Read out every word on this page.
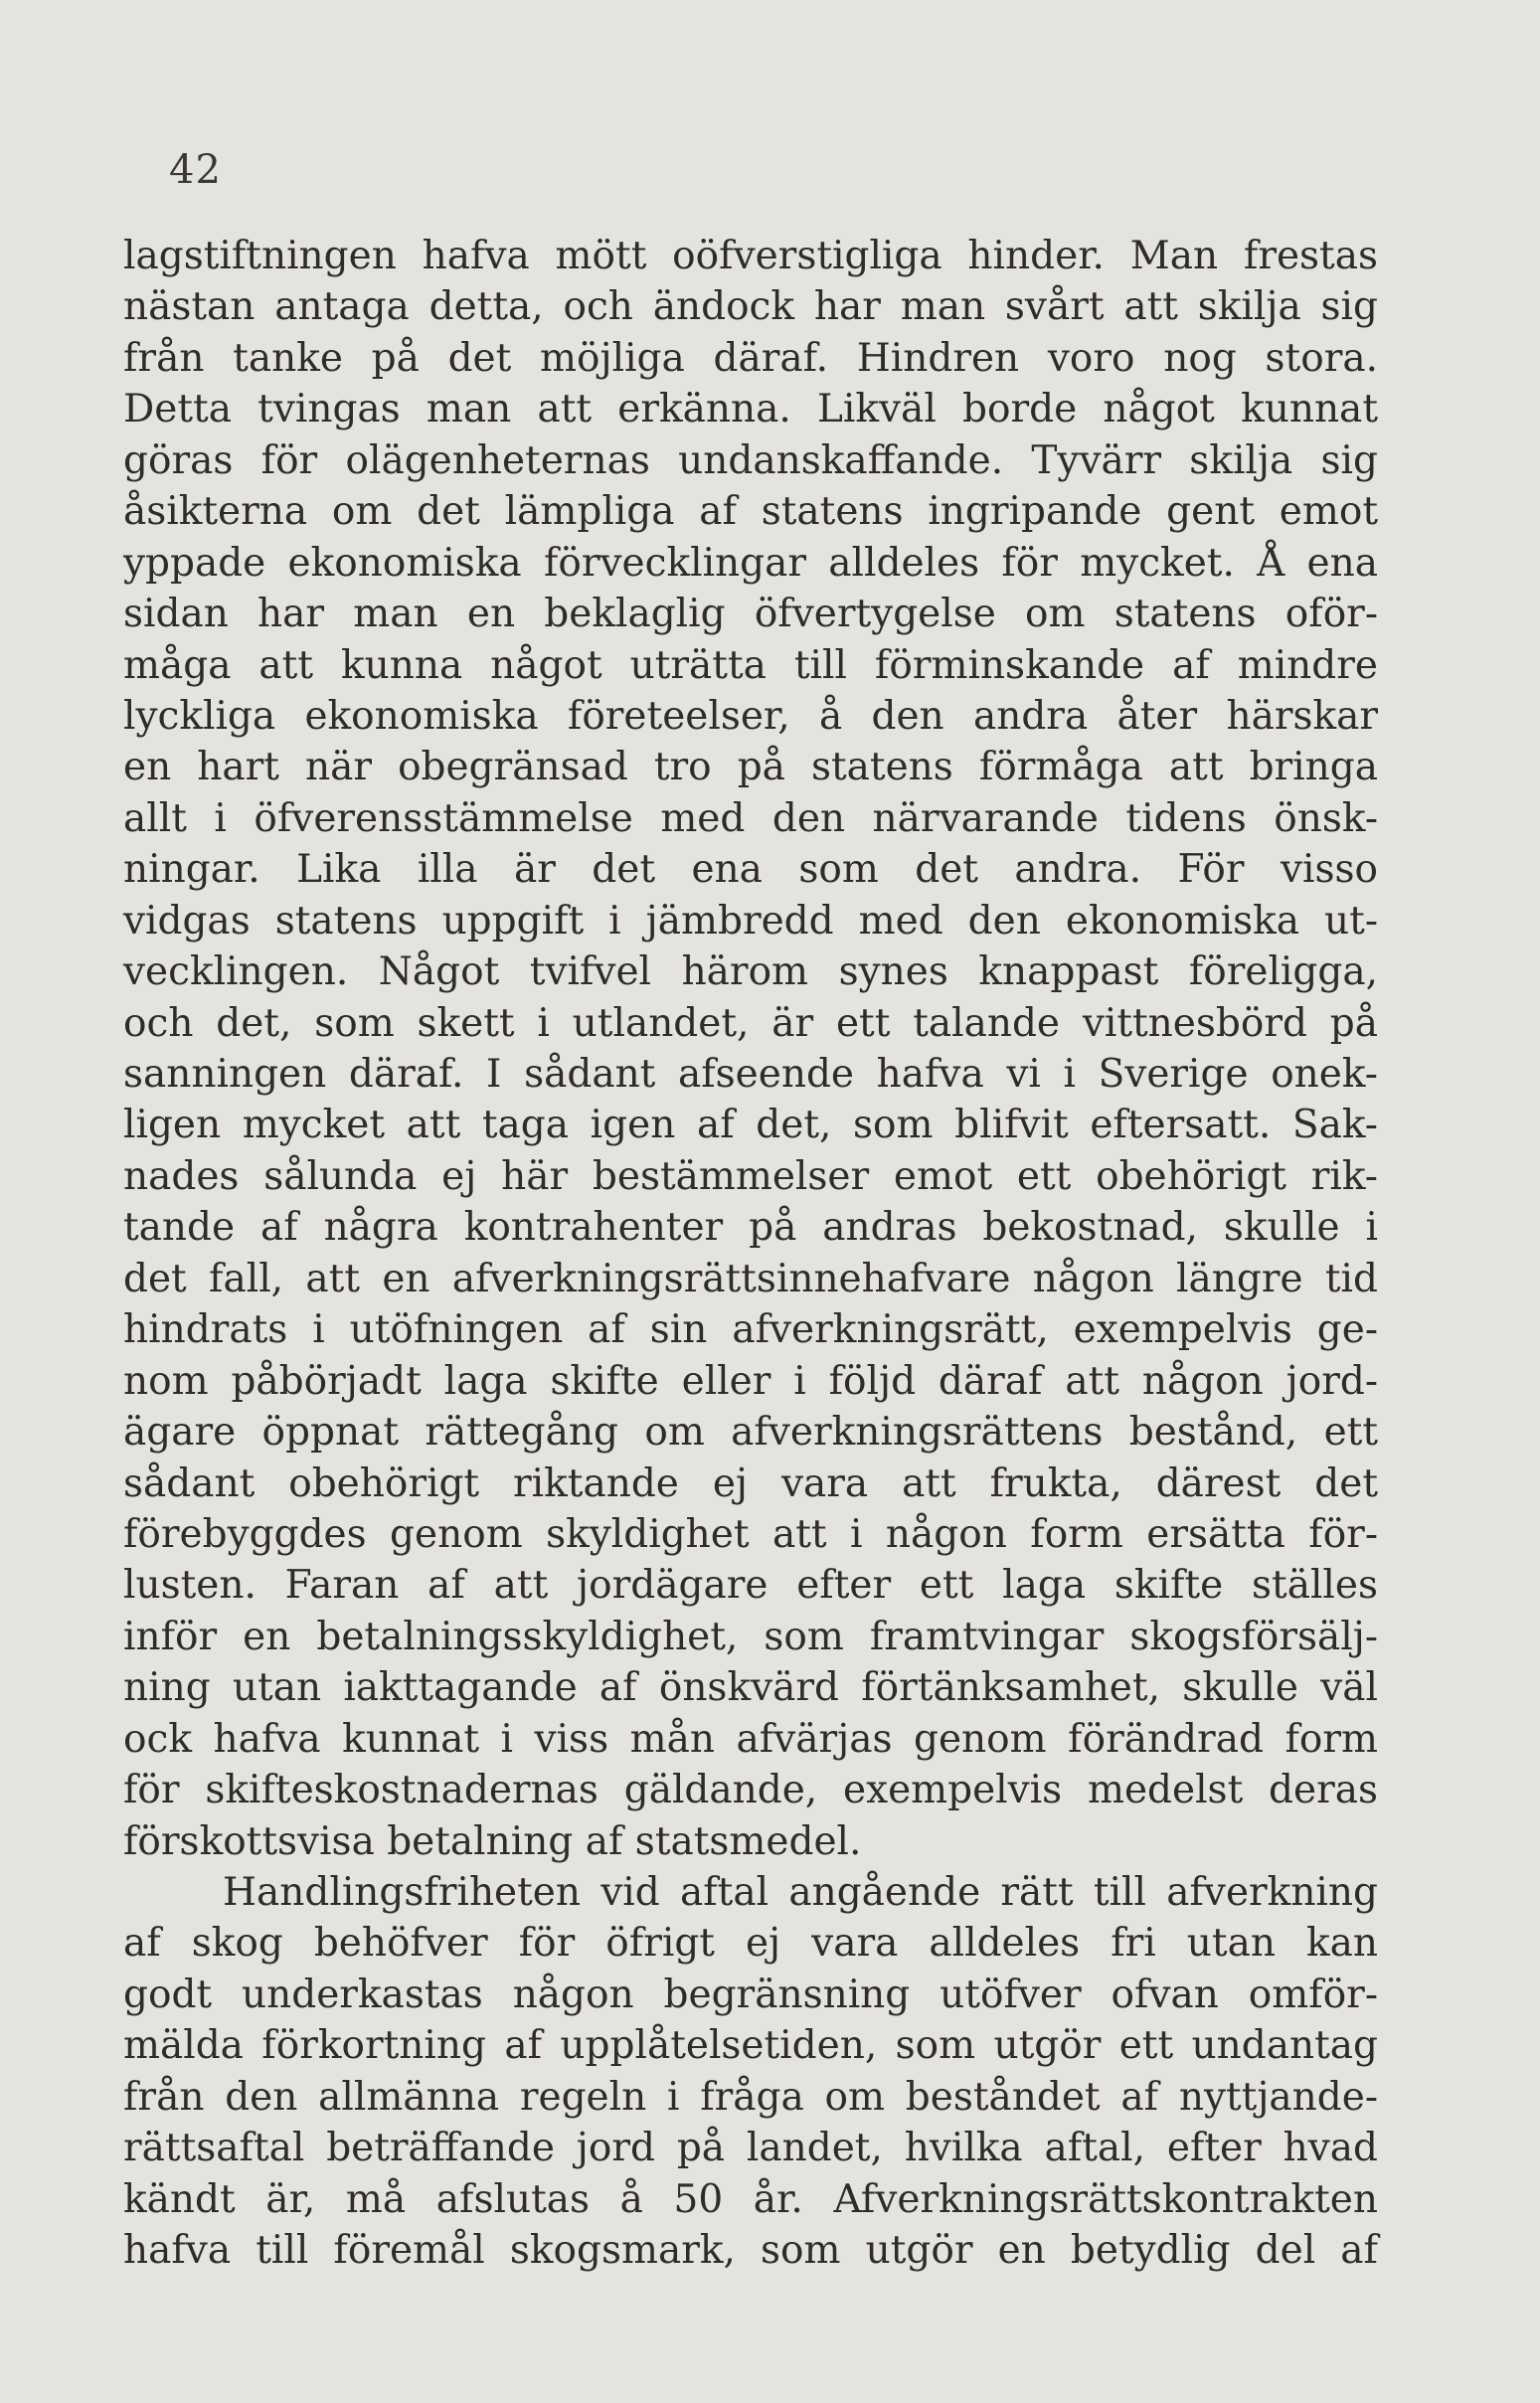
42
lagstiftningen hafva mött oöfverstigliga hinder. Man frestas
nästan antaga detta, och ändock har man svårt att skilja sig
från tanke på det möjliga däraf. Hindren voro nog stora.
Detta tvingas man att erkänna. Likväl borde något kunnat
göras för olägenheternas undanskaffande. Tyvärr skilja sig
åsikterna om det lämpliga af statens ingripande gent emot
yppade ekonomiska förvecklingar alldeles för mycket. Å ena
sidan har man en beklaglig öfvertygelse om statens oför-
måga att kunna något uträtta till förminskande af mindre
lyckliga ekonomiska företeelser, å den andra åter härskar
en hart när obegränsad tro på statens förmåga att bringa
allt i öfverensstämmelse med den närvarande tidens önsk-
ningar. Lika illa är det ena som det andra. För visso
vidgas statens uppgift i jämbredd med den ekonomiska ut-
vecklingen. Något tvifvel härom synes knappast föreligga,
och det, som skett i utlandet, är ett talande vittnesbörd på
sanningen däraf. I sådant afseende hafva vi i Sverige onek-
ligen mycket att taga igen af det, som blifvit eftersatt. Sak-
nades sålunda ej här bestämmelser emot ett obehörigt rik-
tande af några kontrahenter på andras bekostnad, skulle i
det fall, att en afverkningsrättsinnehafvare någon längre tid
hindrats i utöfningen af sin afverkningsrätt, exempelvis ge-
nom påbörjadt laga skifte eller i följd däraf att någon jord-
ägare öppnat rättegång om afverkningsrättens bestånd, ett
sådant obehörigt riktande ej vara att frukta, därest det
förebyggdes genom skyldighet att i någon form ersätta för-
lusten. Faran af att jordägare efter ett laga skifte ställes
inför en betalningsskyldighet, som framtvingar skogsförsälj-
ning utan iakttagande af önskvärd förtänksamhet, skulle väl
ock hafva kunnat i viss mån afvärjas genom förändrad form
för skifteskostnadernas gäldande, exempelvis medelst deras
förskottsvisa betalning af statsmedel.
Handlingsfriheten vid aftal angående rätt till afverkning
af skog behöfver för öfrigt ej vara alldeles fri utan kan
godt underkastas någon begränsning utöfver ofvan omför-
mälda förkortning af upplåtelsetiden, som utgör ett undantag
från den allmänna regeln i fråga om beståndet af nyttjande-
rättsaftal beträffande jord på landet, hvilka aftal, efter hvad
kändt är, må afslutas å 50 år. Afverkningsrättskontrakten
hafva till föremål skogsmark, som utgör en betydlig del af
